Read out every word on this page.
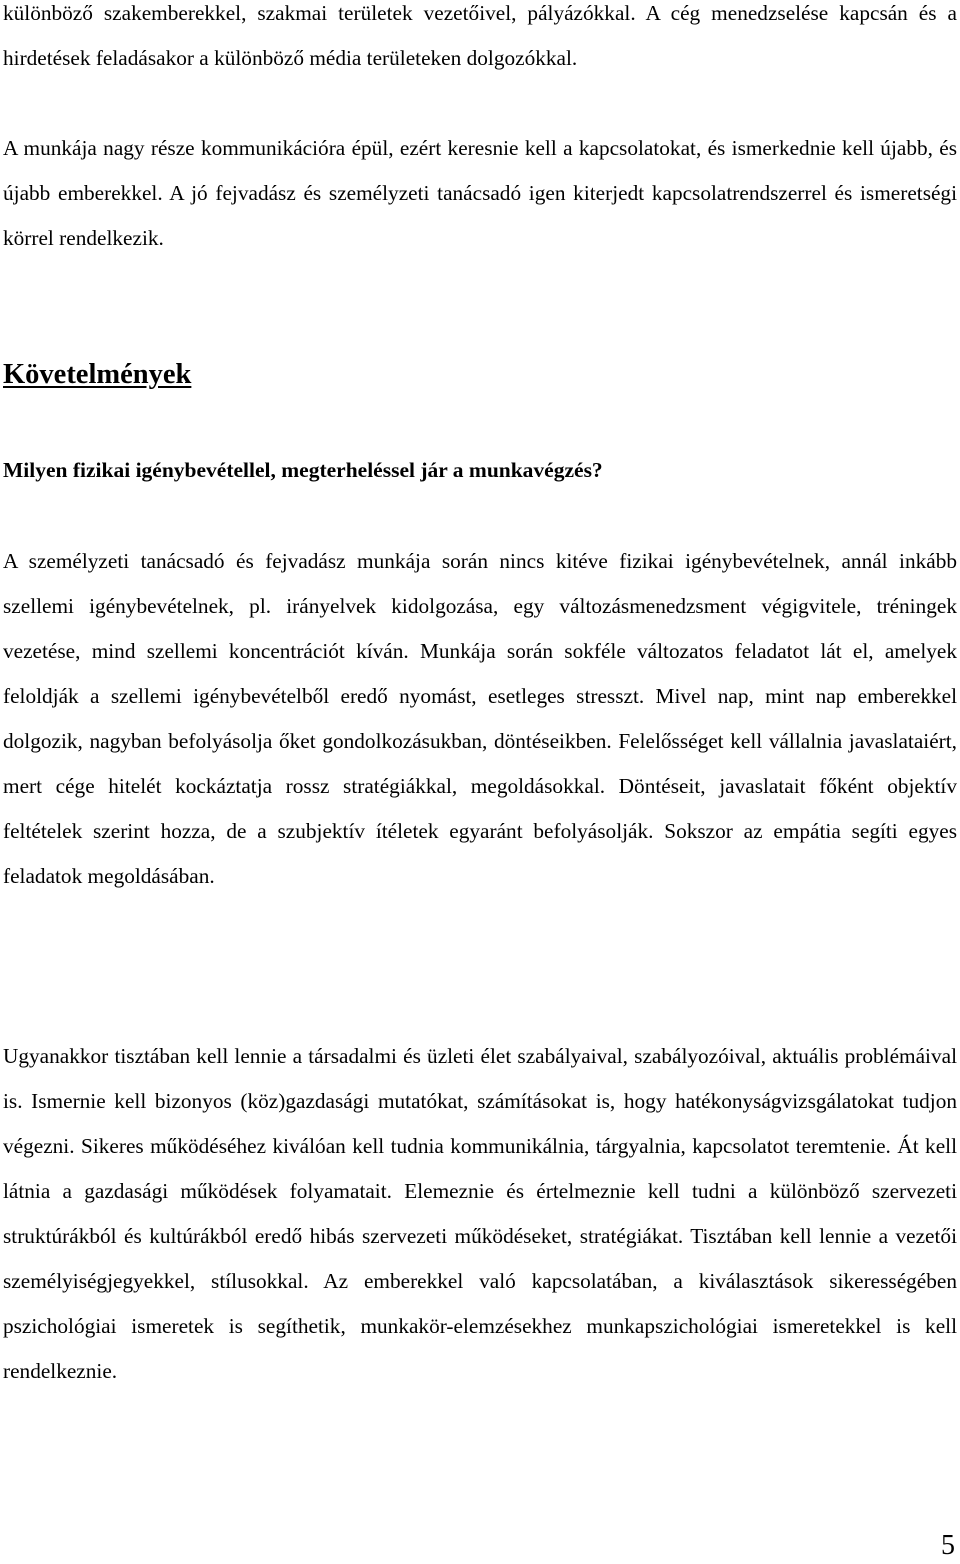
különböző szakemberekkel, szakmai területek vezetőivel, pályázókkal. A cég menedzselése kapcsán és a hirdetések feladásakor a különböző média területeken dolgozókkal.

A munkája nagy része kommunikációra épül, ezért keresnie kell a kapcsolatokat, és ismerkednie kell újabb, és újabb emberekkel. A jó fejvadász és személyzeti tanácsadó igen kiterjedt kapcsolatrendszerrel és ismeretségi körrel rendelkezik.

Követelmények
Milyen fizikai igénybevétellel, megterheléssel jár a munkavégzés?

A személyzeti tanácsadó és fejvadász munkája során nincs kitéve fizikai igénybevételnek, annál inkább szellemi igénybevételnek, pl. irányelvek kidolgozása, egy változásmenedzsment végigvitele, tréningek vezetése, mind szellemi koncentrációt kíván. Munkája során sokféle változatos feladatot lát el, amelyek feloldják a szellemi igénybevételből eredő nyomást, esetleges stresszt. Mivel nap, mint nap emberekkel dolgozik, nagyban befolyásolja őket gondolkozásukban, döntéseikben. Felelősséget kell vállalnia javaslataiért, mert cége hitelét kockáztatja rossz stratégiákkal, megoldásokkal. Döntéseit, javaslatait főként objektív feltételek szerint hozza, de a szubjektív ítéletek egyaránt befolyásolják. Sokszor az empátia segíti egyes feladatok megoldásában.

Ugyanakkor tisztában kell lennie a társadalmi és üzleti élet szabályaival, szabályozóival, aktuális problémáival is. Ismernie kell bizonyos (köz)gazdasági mutatókat, számításokat is, hogy hatékonyságvizsgálatokat tudjon végezni. Sikeres működéséhez kiválóan kell tudnia kommunikálnia, tárgyalnia, kapcsolatot teremtenie. Át kell látnia a gazdasági működések folyamatait. Elemeznie és értelmeznie kell tudni a különböző szervezeti struktúrákból és kultúrákból eredő hibás szervezeti működéseket, stratégiákat. Tisztában kell lennie a vezetői személyiségjegyekkel, stílusokkal. Az emberekkel való kapcsolatában, a kiválasztások sikerességében pszichológiai ismeretek is segíthetik, munkakör-elemzésekhez munkapszichológiai ismeretekkel is kell rendelkeznie.

5
